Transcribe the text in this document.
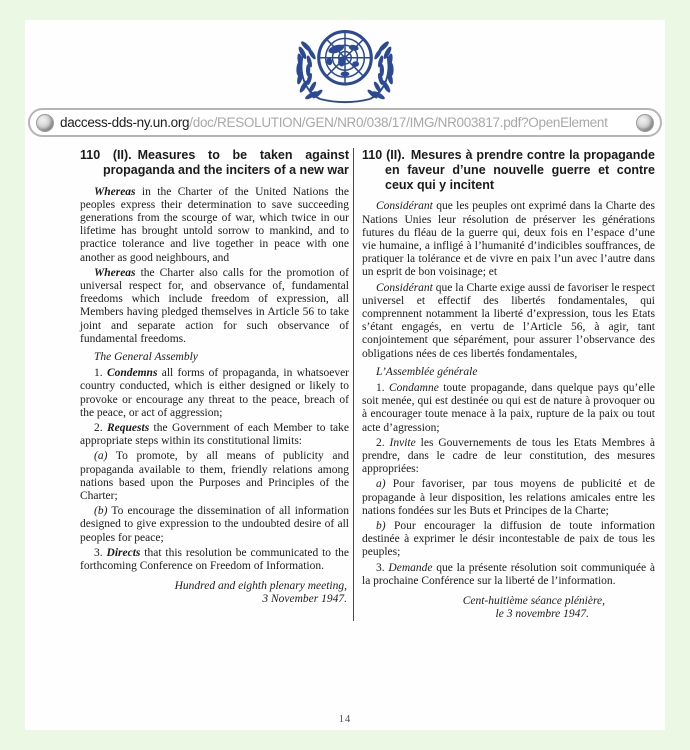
daccess-dds-ny.un.org/doc/RESOLUTION/GEN/NR0/038/17/IMG/NR003817.pdf?OpenElement

110 (II). Measures to be taken against propaganda and the inciters of a new war

Whereas in the Charter of the United Nations the peoples express their determination to save succeeding generations from the scourge of war, which twice in our lifetime has brought untold sorrow to mankind, and to practice tolerance and live together in peace with one another as good neighbours, and

Whereas the Charter also calls for the promotion of universal respect for, and observance of, fundamental freedoms which include freedom of expression, all Members having pledged themselves in Article 56 to take joint and separate action for such observance of fundamental freedoms.

The General Assembly

1. Condemns all forms of propaganda, in whatsoever country conducted, which is either designed or likely to provoke or encourage any threat to the peace, breach of the peace, or act of aggression;

2. Requests the Government of each Member to take appropriate steps within its constitutional limits:

(a) To promote, by all means of publicity and propaganda available to them, friendly relations among nations based upon the Purposes and Principles of the Charter;

(b) To encourage the dissemination of all information designed to give expression to the undoubted desire of all peoples for peace;

3. Directs that this resolution be communicated to the forthcoming Conference on Freedom of Information.

Hundred and eighth plenary meeting,
3 November 1947.

110 (II). Mesures à prendre contre la propagande en faveur d’une nouvelle guerre et contre ceux qui y incitent

Considérant que les peuples ont exprimé dans la Charte des Nations Unies leur résolution de préserver les générations futures du fléau de la guerre qui, deux fois en l’espace d’une vie humaine, a infligé à l’humanité d’indicibles souffrances, de pratiquer la tolérance et de vivre en paix l’un avec l’autre dans un esprit de bon voisinage; et

Considérant que la Charte exige aussi de favoriser le respect universel et effectif des libertés fondamentales, qui comprennent notamment la liberté d’expression, tous les Etats s’étant engagés, en vertu de l’Article 56, à agir, tant conjointement que séparément, pour assurer l’observance des obligations nées de ces libertés fondamentales,

L’Assemblée générale

1. Condamne toute propagande, dans quelque pays qu’elle soit menée, qui est destinée ou qui est de nature à provoquer ou à encourager toute menace à la paix, rupture de la paix ou tout acte d’agression;

2. Invite les Gouvernements de tous les Etats Membres à prendre, dans le cadre de leur constitution, des mesures appropriées:

a) Pour favoriser, par tous moyens de publicité et de propagande à leur disposition, les relations amicales entre les nations fondées sur les Buts et Principes de la Charte;

b) Pour encourager la diffusion de toute information destinée à exprimer le désir incontestable de paix de tous les peuples;

3. Demande que la présente résolution soit communiquée à la prochaine Conférence sur la liberté de l’information.

Cent-huitième séance plénière,
le 3 novembre 1947.

14
